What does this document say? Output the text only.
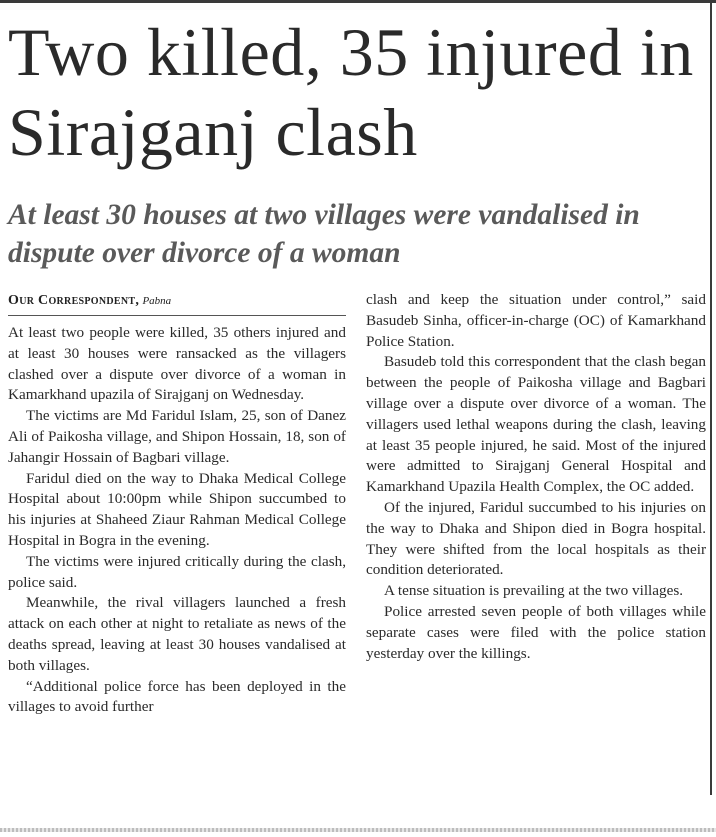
Two killed, 35 injured in Sirajganj clash
At least 30 houses at two villages were vandalised in dispute over divorce of a woman
Our Correspondent, Pabna

At least two people were killed, 35 others injured and at least 30 houses were ransacked as the villagers clashed over a dispute over divorce of a woman in Kamarkhand upazila of Sirajganj on Wednesday.

The victims are Md Faridul Islam, 25, son of Danez Ali of Paikosha village, and Shipon Hossain, 18, son of Jahangir Hossain of Bagbari village.

Faridul died on the way to Dhaka Medical College Hospital about 10:00pm while Shipon succumbed to his injuries at Shaheed Ziaur Rahman Medical College Hospital in Bogra in the evening.

The victims were injured critically during the clash, police said.

Meanwhile, the rival villagers launched a fresh attack on each other at night to retaliate as news of the deaths spread, leaving at least 30 houses vandalised at both villages.

“Additional police force has been deployed in the villages to avoid further

clash and keep the situation under control,” said Basudeb Sinha, officer-in-charge (OC) of Kamarkhand Police Station.

Basudeb told this correspondent that the clash began between the people of Paikosha village and Bagbari village over a dispute over divorce of a woman. The villagers used lethal weapons during the clash, leaving at least 35 people injured, he said. Most of the injured were admitted to Sirajganj General Hospital and Kamarkhand Upazila Health Complex, the OC added.

Of the injured, Faridul succumbed to his injuries on the way to Dhaka and Shipon died in Bogra hospital. They were shifted from the local hospitals as their condition deteriorated.

A tense situation is prevailing at the two villages.

Police arrested seven people of both villages while separate cases were filed with the police station yesterday over the killings.
